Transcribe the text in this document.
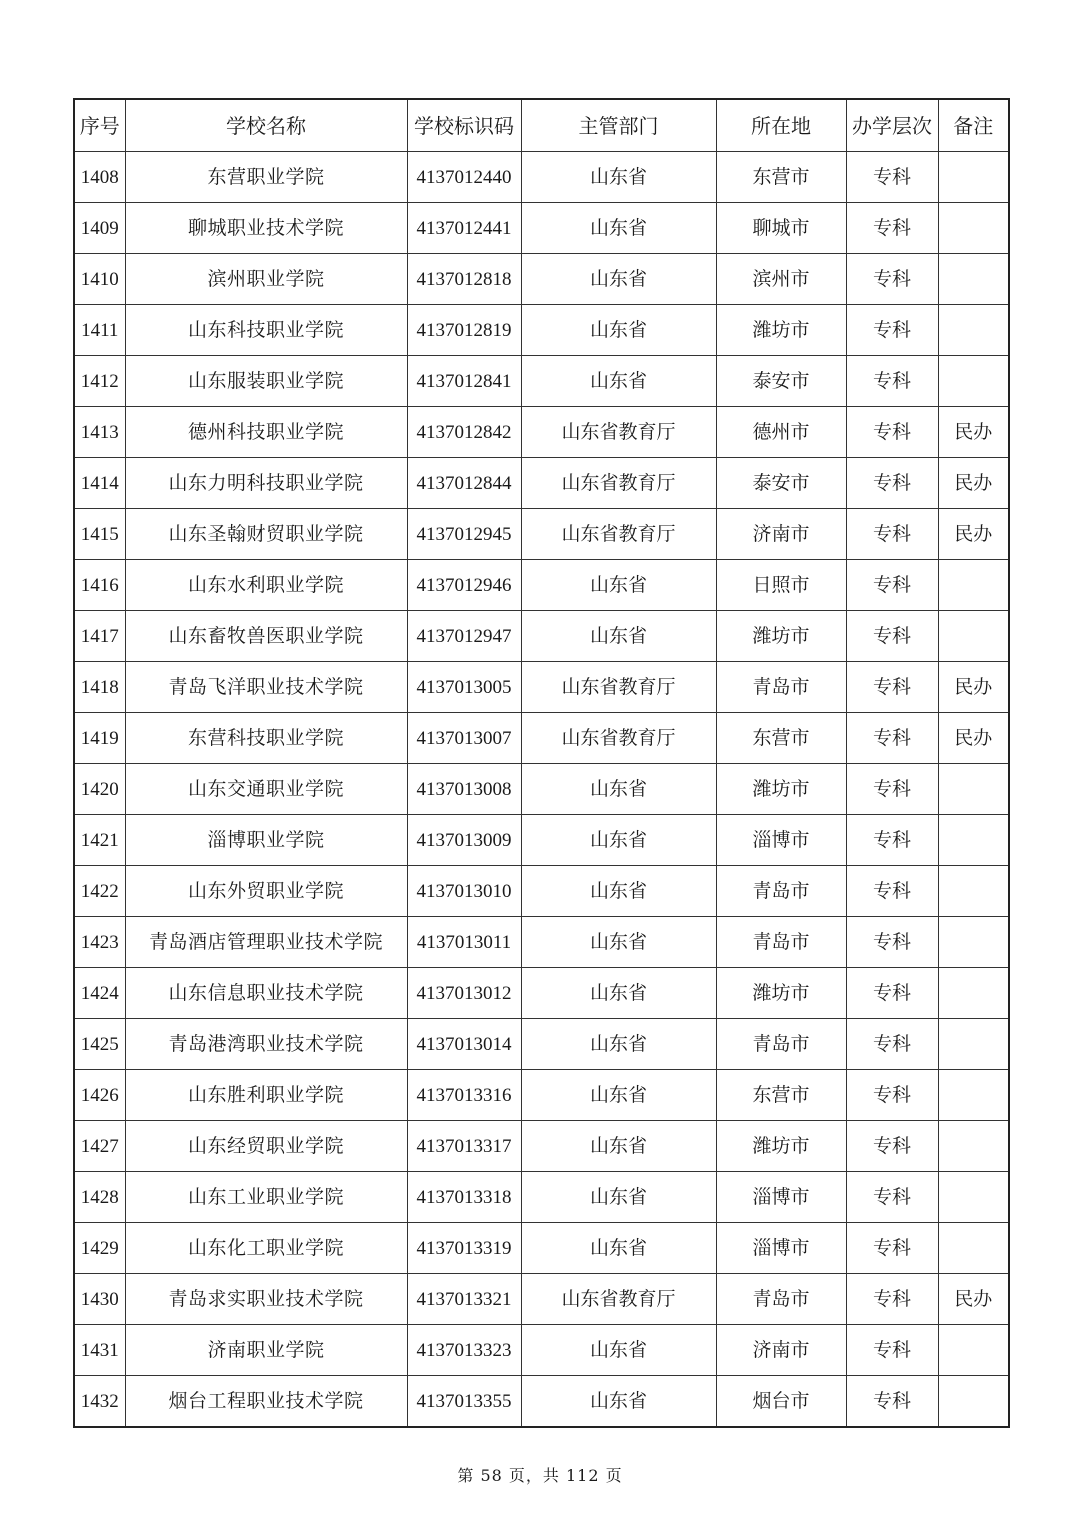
序号	学校名称	学校标识码	主管部门	所在地	办学层次	备注
1408	东营职业学院	4137012440	山东省	东营市	专科	
1409	聊城职业技术学院	4137012441	山东省	聊城市	专科	
1410	滨州职业学院	4137012818	山东省	滨州市	专科	
1411	山东科技职业学院	4137012819	山东省	潍坊市	专科	
1412	山东服装职业学院	4137012841	山东省	泰安市	专科	
1413	德州科技职业学院	4137012842	山东省教育厅	德州市	专科	民办
1414	山东力明科技职业学院	4137012844	山东省教育厅	泰安市	专科	民办
1415	山东圣翰财贸职业学院	4137012945	山东省教育厅	济南市	专科	民办
1416	山东水利职业学院	4137012946	山东省	日照市	专科	
1417	山东畜牧兽医职业学院	4137012947	山东省	潍坊市	专科	
1418	青岛飞洋职业技术学院	4137013005	山东省教育厅	青岛市	专科	民办
1419	东营科技职业学院	4137013007	山东省教育厅	东营市	专科	民办
1420	山东交通职业学院	4137013008	山东省	潍坊市	专科	
1421	淄博职业学院	4137013009	山东省	淄博市	专科	
1422	山东外贸职业学院	4137013010	山东省	青岛市	专科	
1423	青岛酒店管理职业技术学院	4137013011	山东省	青岛市	专科	
1424	山东信息职业技术学院	4137013012	山东省	潍坊市	专科	
1425	青岛港湾职业技术学院	4137013014	山东省	青岛市	专科	
1426	山东胜利职业学院	4137013316	山东省	东营市	专科	
1427	山东经贸职业学院	4137013317	山东省	潍坊市	专科	
1428	山东工业职业学院	4137013318	山东省	淄博市	专科	
1429	山东化工职业学院	4137013319	山东省	淄博市	专科	
1430	青岛求实职业技术学院	4137013321	山东省教育厅	青岛市	专科	民办
1431	济南职业学院	4137013323	山东省	济南市	专科	
1432	烟台工程职业技术学院	4137013355	山东省	烟台市	专科	
第 58 页，共 112 页
